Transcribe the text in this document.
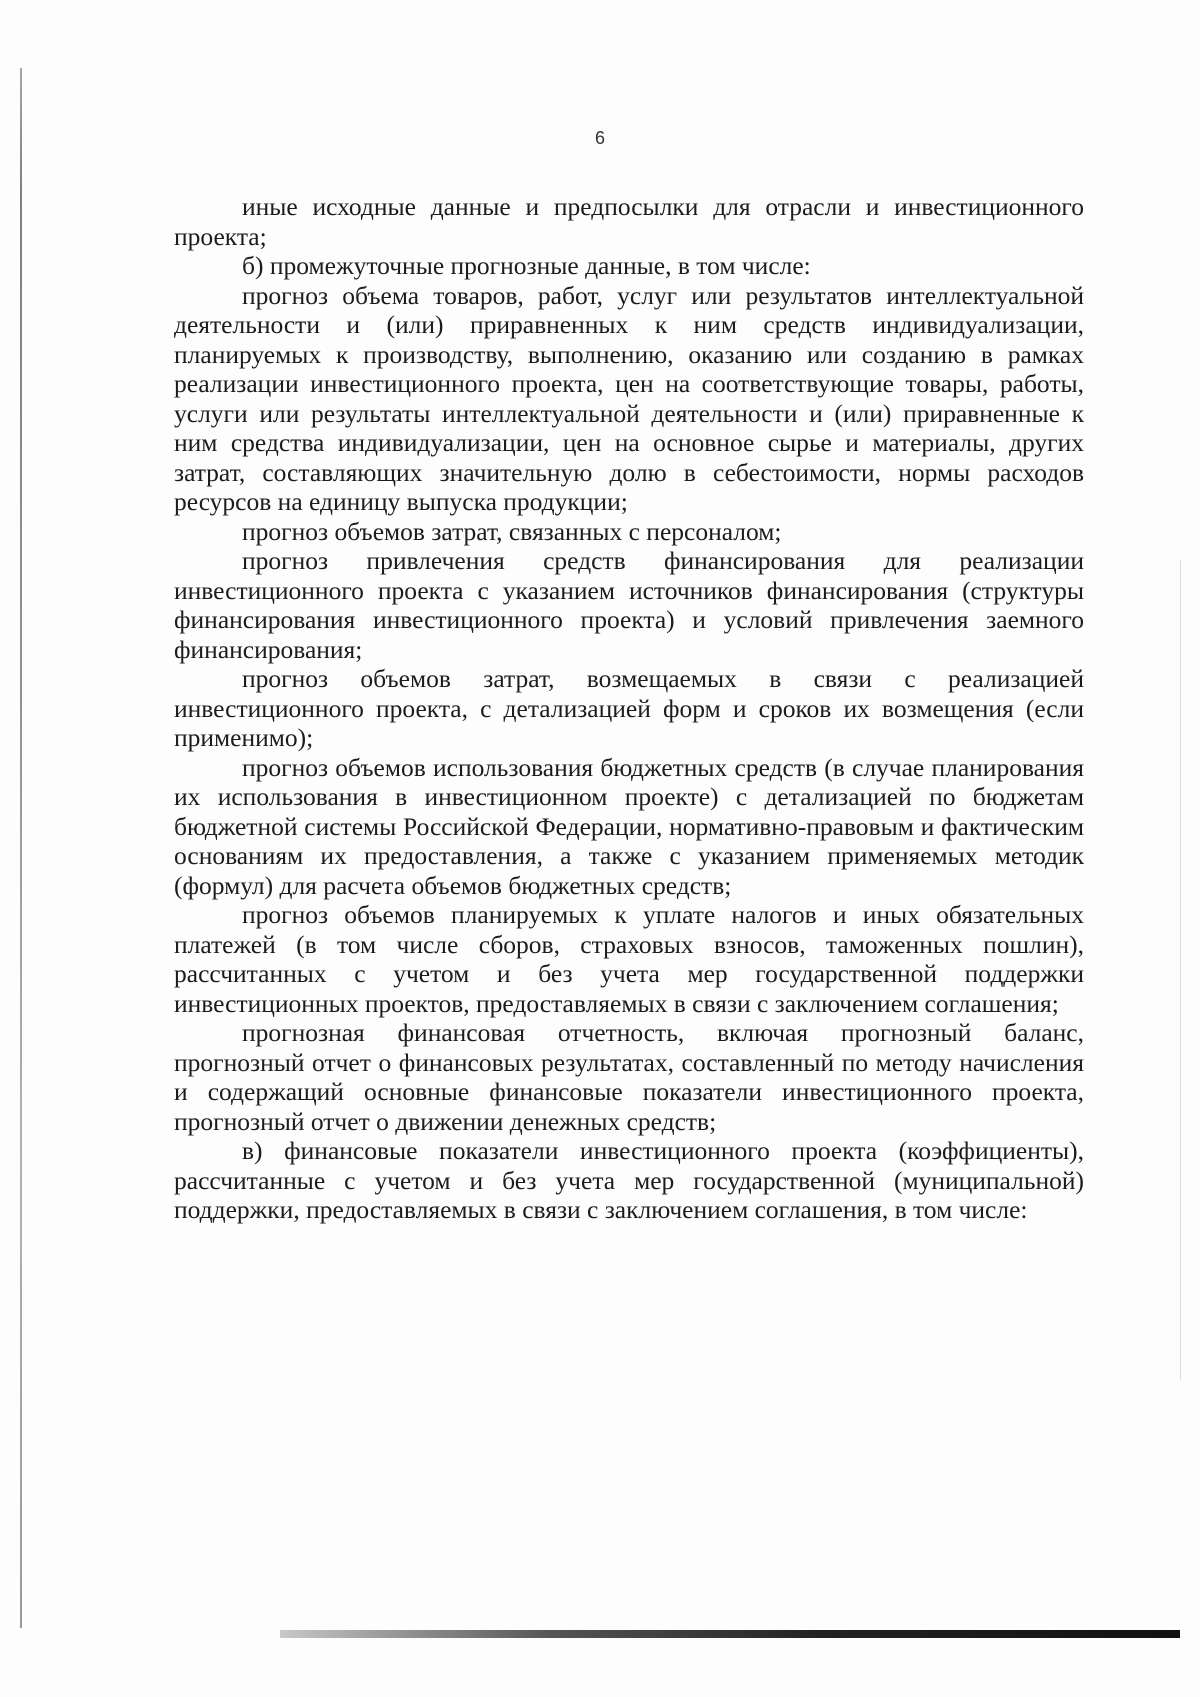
6

иные исходные данные и предпосылки для отрасли и инвестиционного проекта;

б) промежуточные прогнозные данные, в том числе:

прогноз объема товаров, работ, услуг или результатов интеллектуальной деятельности и (или) приравненных к ним средств индивидуализации, планируемых к производству, выполнению, оказанию или созданию в рамках реализации инвестиционного проекта, цен на соответствующие товары, работы, услуги или результаты интеллектуальной деятельности и (или) приравненные к ним средства индивидуализации, цен на основное сырье и материалы, других затрат, составляющих значительную долю в себестоимости, нормы расходов ресурсов на единицу выпуска продукции;

прогноз объемов затрат, связанных с персоналом;

прогноз привлечения средств финансирования для реализации инвестиционного проекта с указанием источников финансирования (структуры финансирования инвестиционного проекта) и условий привлечения заемного финансирования;

прогноз объемов затрат, возмещаемых в связи с реализацией инвестиционного проекта, с детализацией форм и сроков их возмещения (если применимо);

прогноз объемов использования бюджетных средств (в случае планирования их использования в инвестиционном проекте) с детализацией по бюджетам бюджетной системы Российской Федерации, нормативно-правовым и фактическим основаниям их предоставления, а также с указанием применяемых методик (формул) для расчета объемов бюджетных средств;

прогноз объемов планируемых к уплате налогов и иных обязательных платежей (в том числе сборов, страховых взносов, таможенных пошлин), рассчитанных с учетом и без учета мер государственной поддержки инвестиционных проектов, предоставляемых в связи с заключением соглашения;

прогнозная финансовая отчетность, включая прогнозный баланс, прогнозный отчет о финансовых результатах, составленный по методу начисления и содержащий основные финансовые показатели инвестиционного проекта, прогнозный отчет о движении денежных средств;

в) финансовые показатели инвестиционного проекта (коэффициенты), рассчитанные с учетом и без учета мер государственной (муниципальной) поддержки, предоставляемых в связи с заключением соглашения, в том числе:
